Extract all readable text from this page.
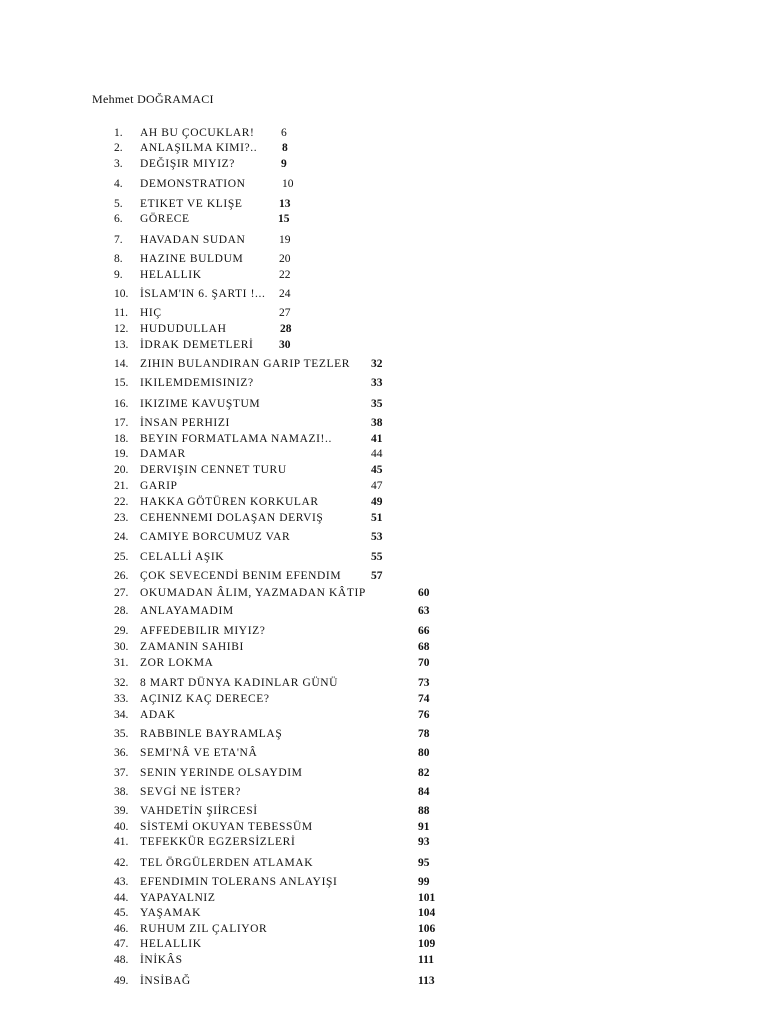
Mehmet DOĞRAMACI
1.	AH BU ÇOCUKLAR! 6
2.	ANLAŞILMA KIMI?.. 8
3.	DEĞIŞIR MIYIZ?	9
4.	DEMONSTRATION	10
5.	ETIKET VE KLIŞE	13
6.	GÖRECE	15
7.	HAVADAN SUDAN	19
8.	HAZINE BULDUM	20
9.	HELALLIK	22
10.	İSLAM'IN 6. ŞARTI !... 24
11.	HIÇ	27
12.	HUDUDULLAH	28
13.	İDRAK DEMETLERİ 30
14.	ZIHIN BULANDIRAN GARIP TEZLER 32
15.	IKILEMDEMISINIZ?	33
16.	IKIZIME KAVUŞTUM	35
17.	İNSAN PERHIZI	38
18.	BEYIN FORMATLAMA NAMAZI!..	41
19.	DAMAR	44
20.	DERVIŞIN CENNET TURU	45
21.	GARIP	47
22.	HAKKA GÖTÜREN KORKULAR	49
23.	CEHENNEMI DOLAŞAN DERVIŞ	51
24.	CAMIYE BORCUMUZ VAR	53
25.	CELALLİ AŞIK	55
26.	ÇOK SEVECENDİ BENIM EFENDIM	57
27.	OKUMADAN ÂLIM, YAZMADAN KÂTIP	60
28.	ANLAYAMADIM	63
29.	AFFEDEBILIR MIYIZ?	66
30.	ZAMANIN SAHIBI	68
31.	ZOR LOKMA	70
32.	8 MART DÜNYA KADINLAR GÜNÜ	73
33.	AÇINIZ KAÇ DERECE?	74
34.	ADAK	76
35.	RABBINLE BAYRAMLAŞ	78
36.	SEMI'NÂ VE ETA'NÂ	80
37.	SENIN YERINDE OLSAYDIM	82
38.	SEVGİ NE İSTER?	84
39.	VAHDETİN ŞIİRCESİ	88
40.	SİSTEMİ OKUYAN TEBESSÜM	91
41.	TEFEKKÜR EGZERSİZLERİ	93
42.	TEL ÖRGÜLERDEN ATLAMAK	95
43.	EFENDIMIN TOLERANS ANLAYIŞI	99
44.	YAPAYALNIZ	101
45.	YAŞAMAK	104
46.	RUHUM ZIL ÇALIYOR	106
47.	HELALLIK	109
48.	İNİKÂS	111
49.	İNSİBAĞ	113
